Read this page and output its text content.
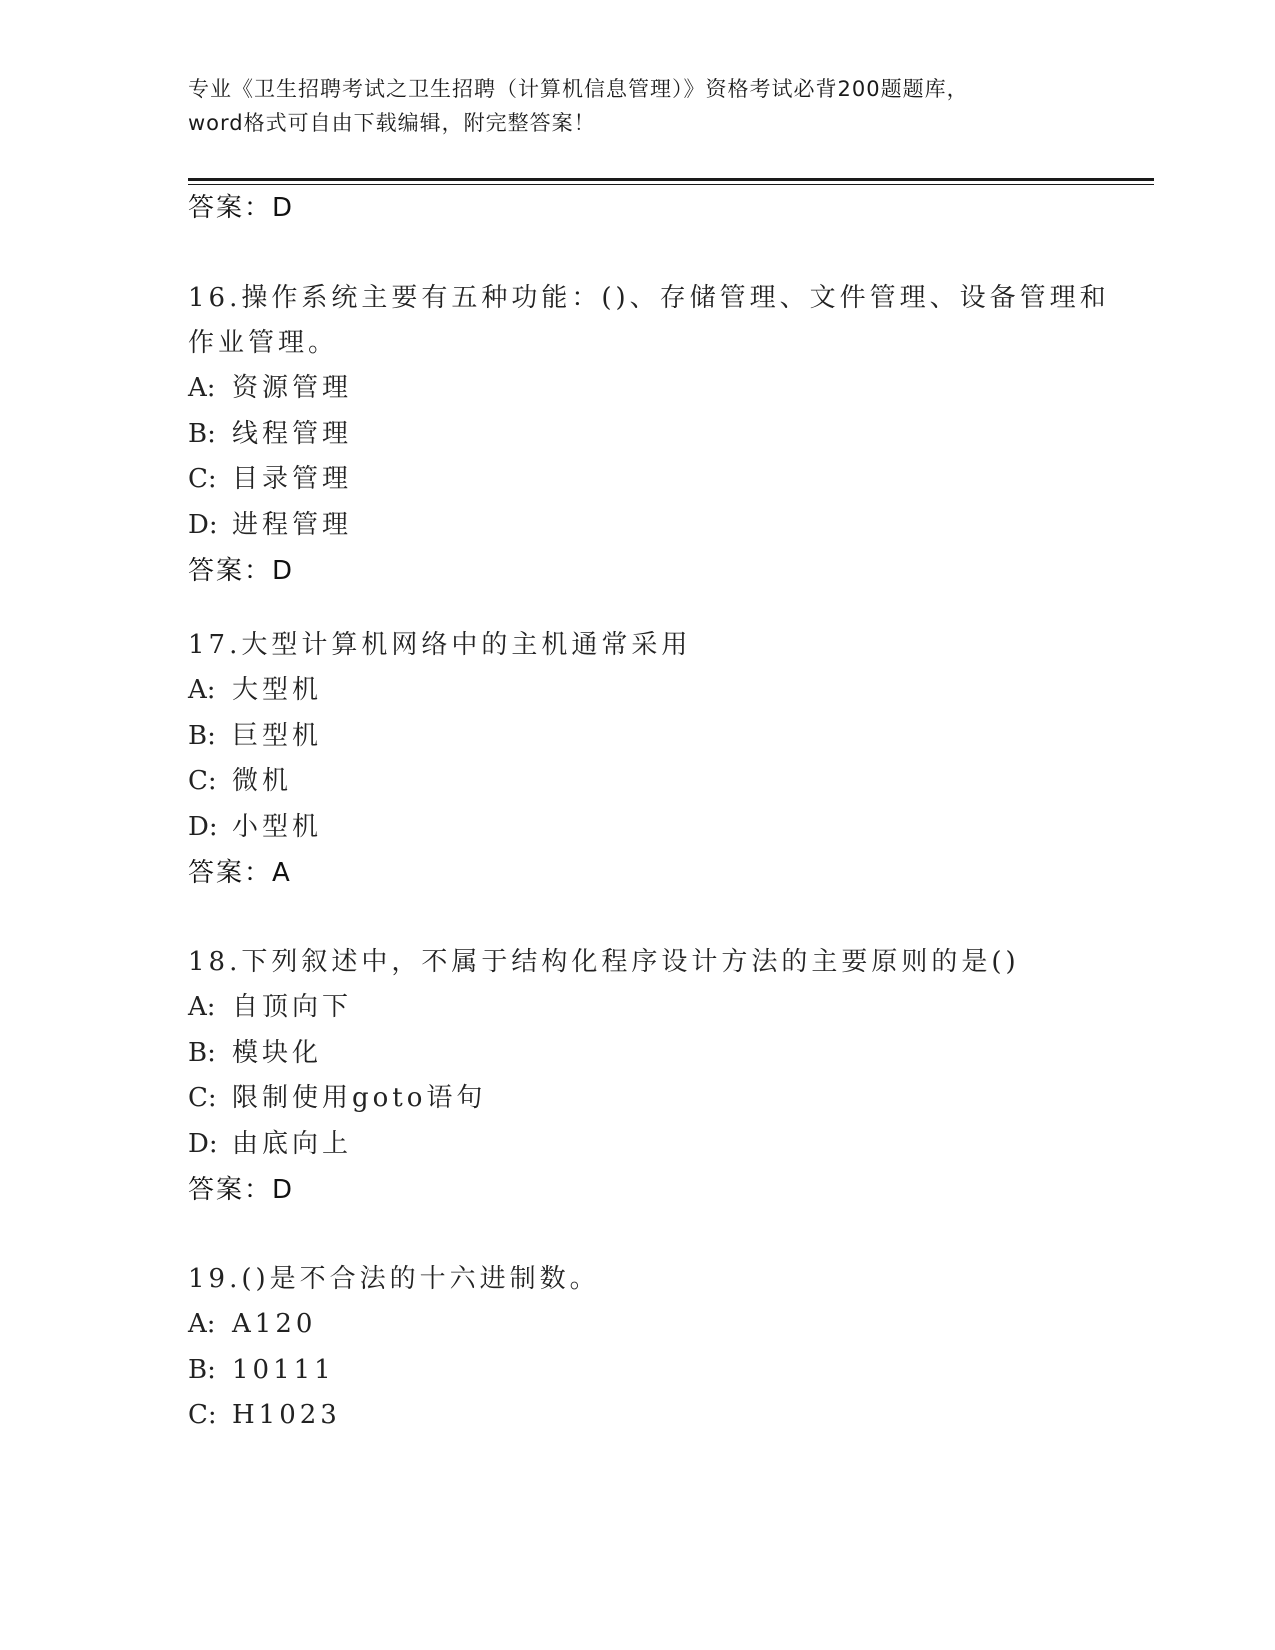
专业《卫生招聘考试之卫生招聘（计算机信息管理）》资格考试必背200题题库，
word格式可自由下载编辑，附完整答案！
答案：D
16.操作系统主要有五种功能：()、存储管理、文件管理、设备管理和
作业管理。
A: 资源管理
B: 线程管理
C: 目录管理
D: 进程管理
答案：D
17.大型计算机网络中的主机通常采用
A: 大型机
B: 巨型机
C: 微机
D: 小型机
答案：A
18.下列叙述中，不属于结构化程序设计方法的主要原则的是()
A: 自顶向下
B: 模块化
C: 限制使用goto语句
D: 由底向上
答案：D
19.()是不合法的十六进制数。
A: A120
B: 10111
C: H1023
